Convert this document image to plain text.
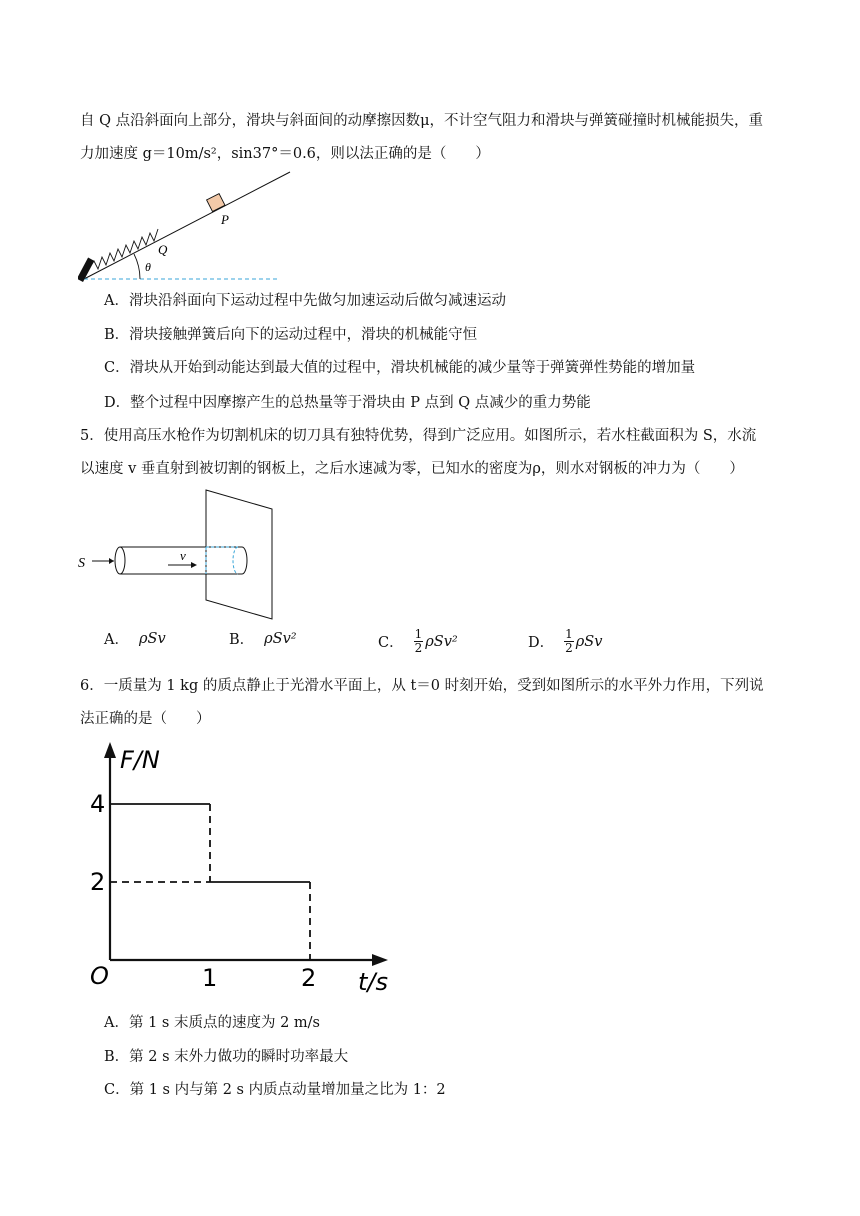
自 Q 点沿斜面向上部分，滑块与斜面间的动摩擦因数μ，不计空气阻力和滑块与弹簧碰撞时机械能损失，重
力加速度 g＝10m/s²，sin37°＝0.6，则以法正确的是（　　）
P
Q
θ
A．滑块沿斜面向下运动过程中先做匀加速运动后做匀减速运动
B．滑块接触弹簧后向下的运动过程中，滑块的机械能守恒
C．滑块从开始到动能达到最大值的过程中，滑块机械能的减少量等于弹簧弹性势能的增加量
D．整个过程中因摩擦产生的总热量等于滑块由 P 点到 Q 点减少的重力势能
5．使用高压水枪作为切割机床的切刀具有独特优势，得到广泛应用。如图所示，若水柱截面积为 S，水流
以速度 v 垂直射到被切割的钢板上，之后水速减为零，已知水的密度为ρ，则水对钢板的冲力为（　　）
S
v
A． ρSv	B． ρSv²	C． $\frac{1}{2} \rho Sv^2$	D． $\frac{1}{2}$ ρSv
6．一质量为 1 kg 的质点静止于光滑水平面上，从 t＝0 时刻开始，受到如图所示的水平外力作用，下列说
法正确的是（　　）
F/N
t/s
O
4
2
1	2
A．第 1 s 末质点的速度为 2 m/s
B．第 2 s 末外力做功的瞬时功率最大
C．第 1 s 内与第 2 s 内质点动量增加量之比为 1：2
